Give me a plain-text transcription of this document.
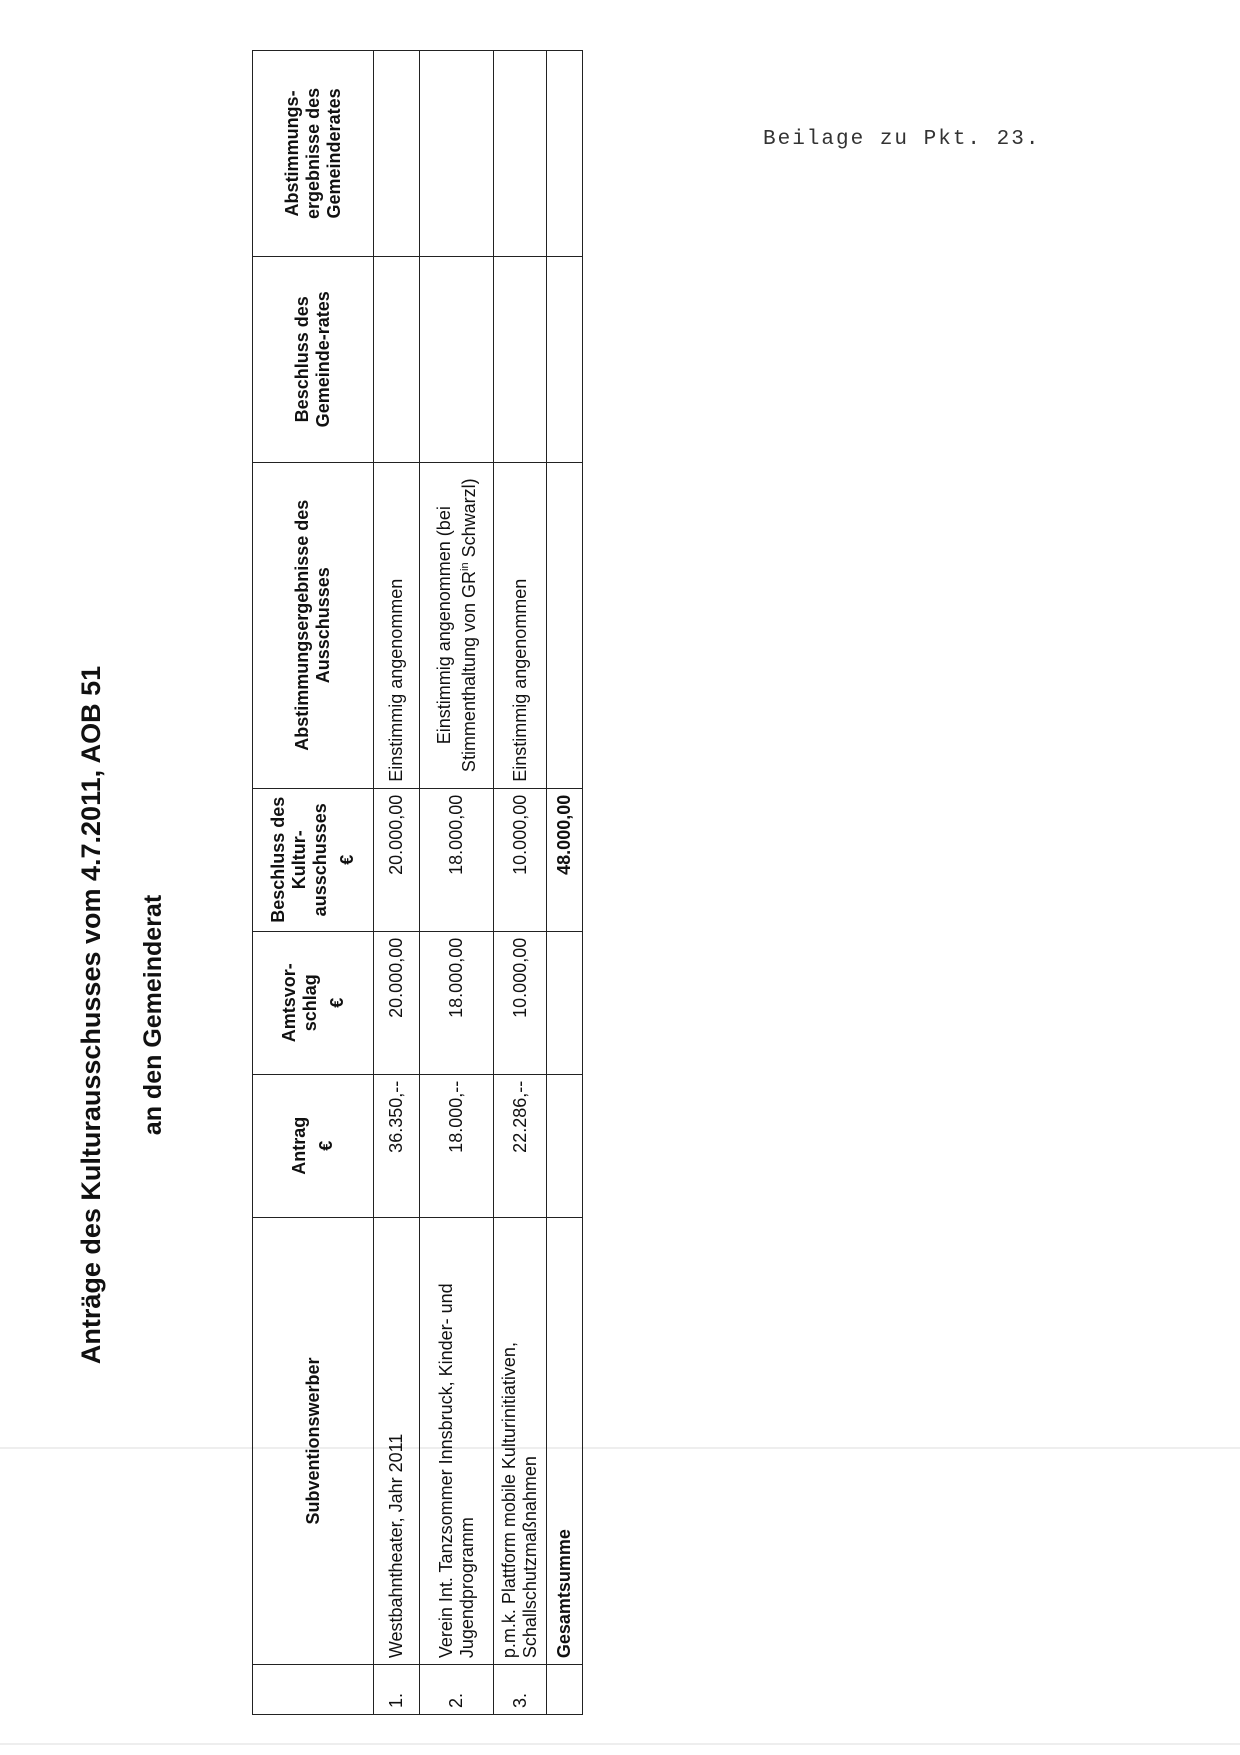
Beilage zu Pkt. 23.
Anträge des Kulturausschusses vom 4.7.2011, AOB 51 an den Gemeinderat
	Subventionswerber	Antrag €	Amtsvor-schlag €	Beschluss des Kultur-ausschusses €	Abstimmungsergebnisse des Ausschusses	Beschluss des Gemeinde-rates	Abstimmungs-ergebnisse des Gemeinderates
1.	Westbahntheater, Jahr 2011	36.350,--	20.000,00	20.000,00	Einstimmig angenommen		
2.	Verein Int. Tanzsommer Innsbruck, Kinder- und Jugendprogramm	18.000,--	18.000,00	18.000,00	Einstimmig angenommen (bei Stimmenthaltung von $GR^{in}$ Schwarzl)		
3.	p.m.k. Plattform mobile Kulturinitiativen, Schallschutzmaßnahmen	22.286,--	10.000,00	10.000,00	Einstimmig angenommen		
	Gesamtsumme			48.000,00			
